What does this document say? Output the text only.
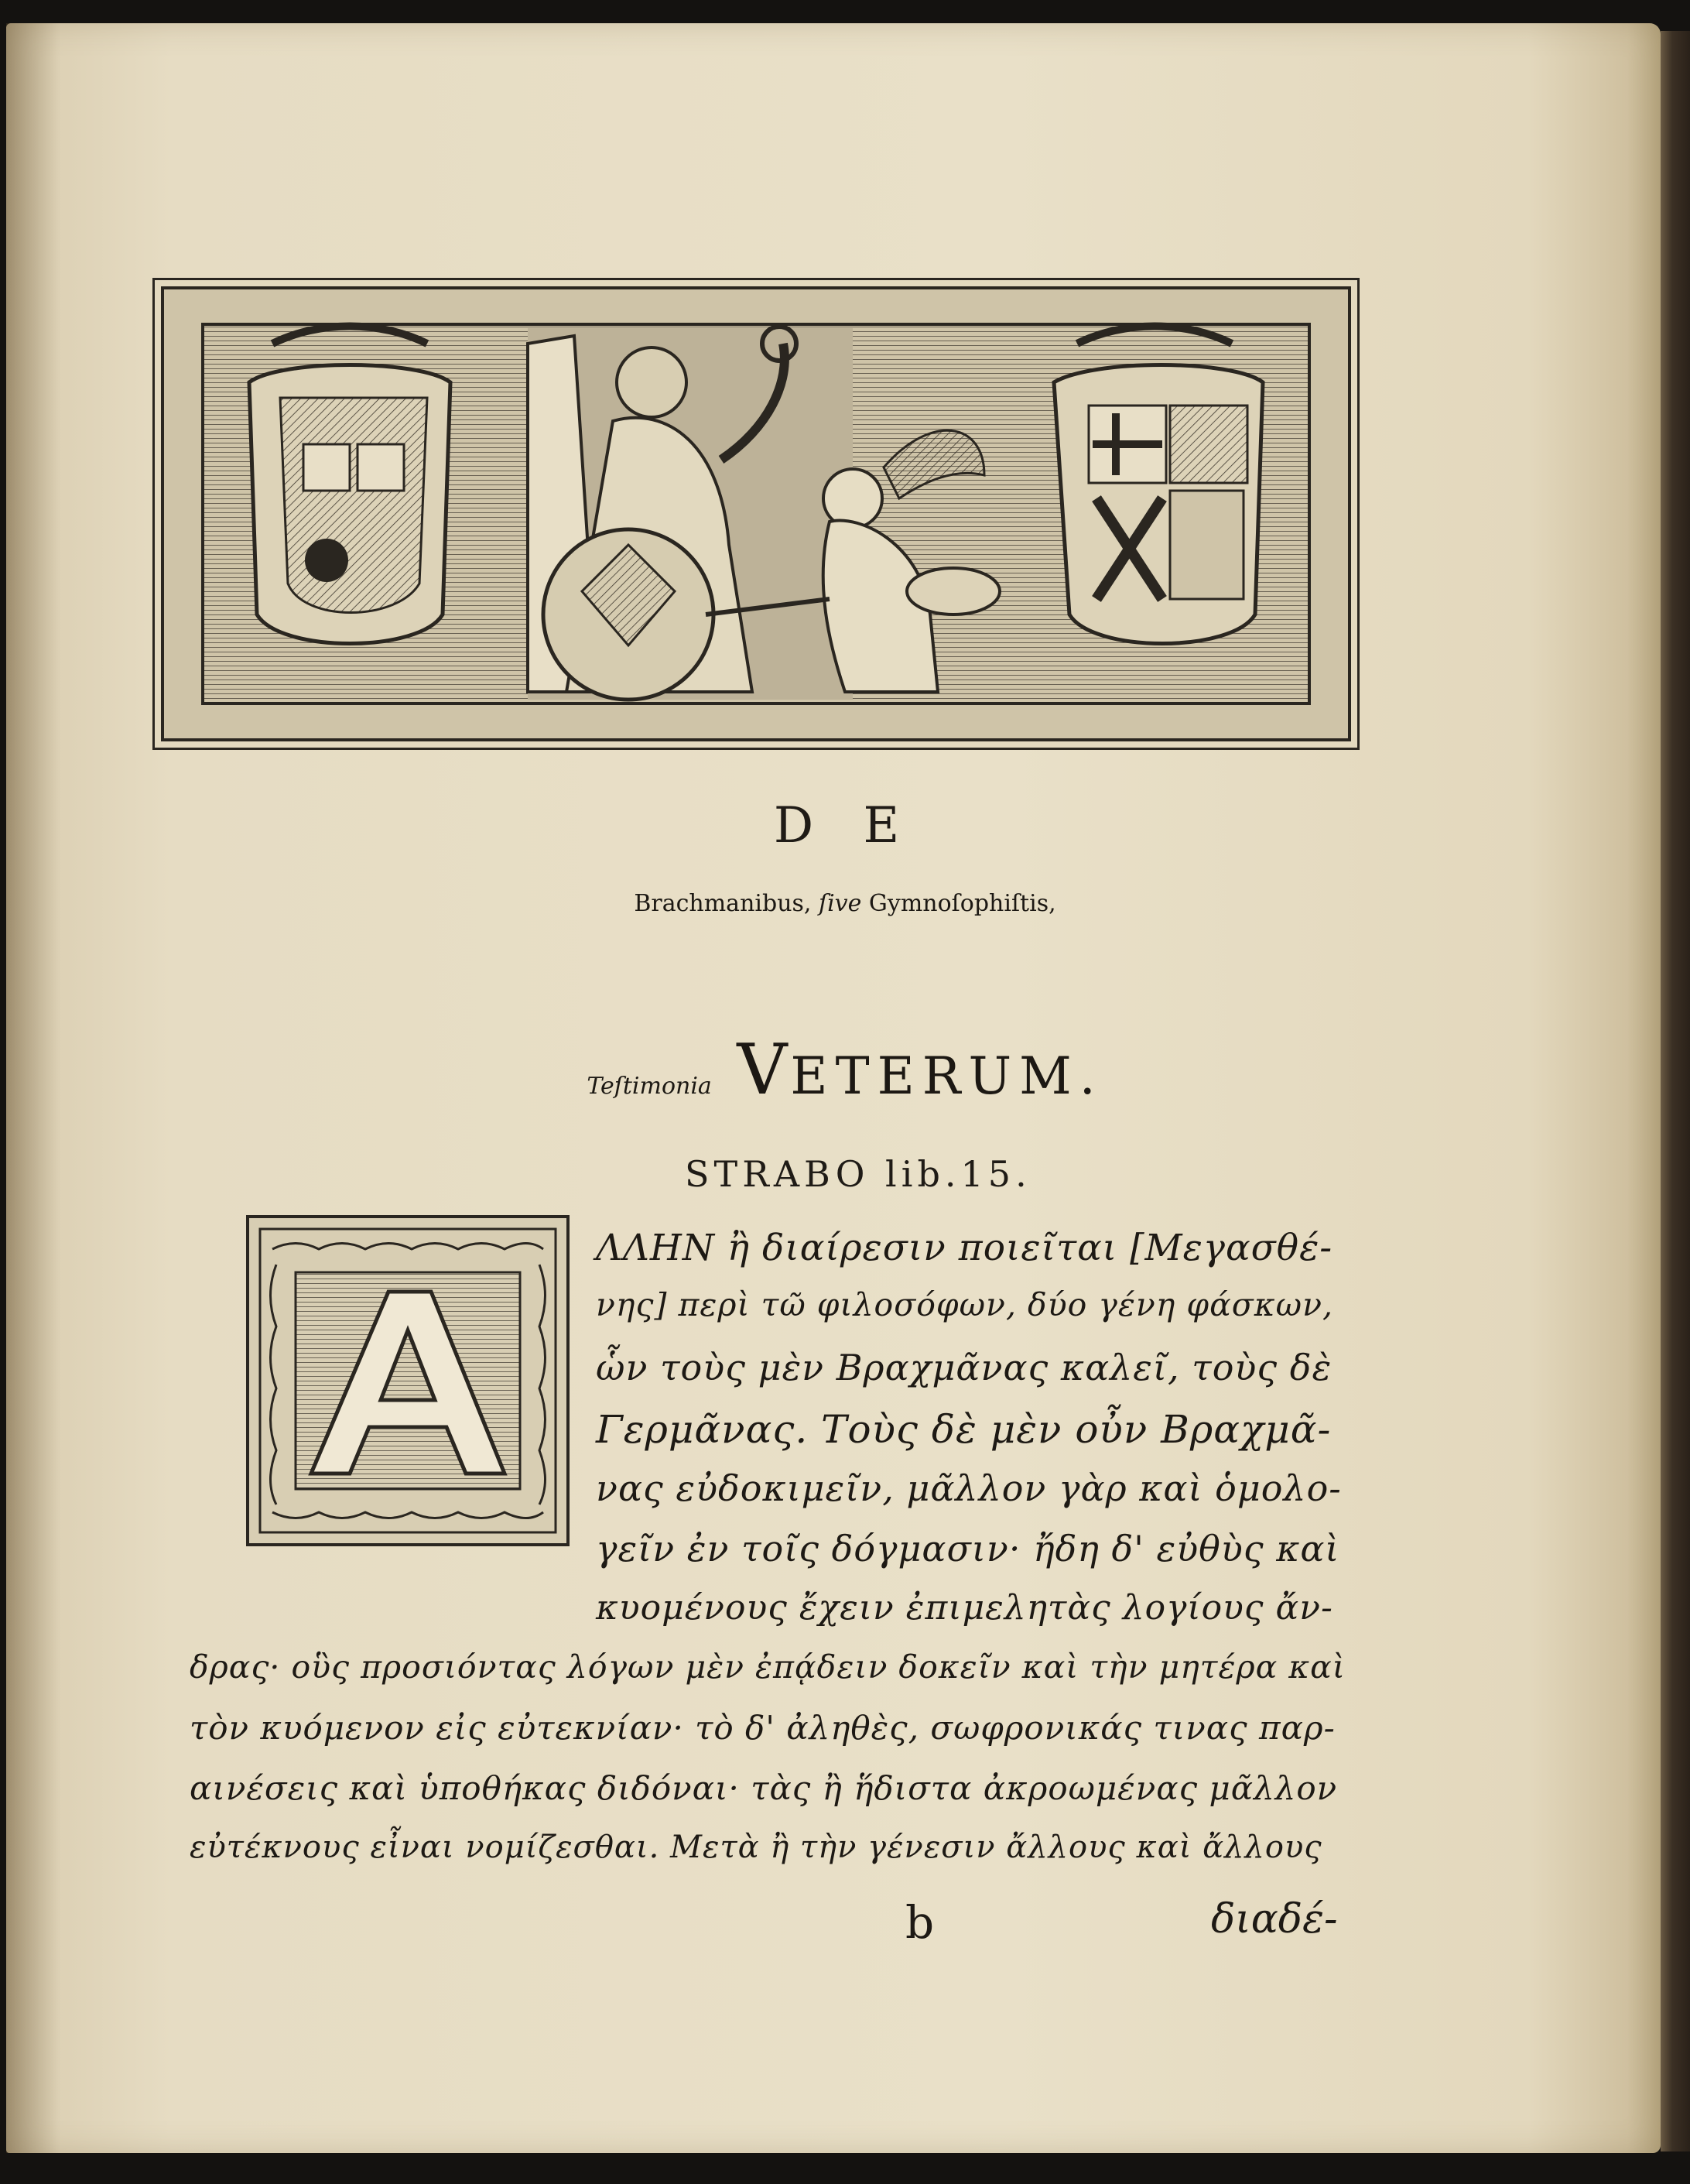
D E
Brachmanibus, ſive Gymnoſophiſtis,
Teſtimonia VETERUM.
STRABO lib.15.
ΛΛΗΝ ἢ διαίρεσιν ποιεῖται [Μεγασθέ-
νης] περὶ τῶ φιλοσόφων, δύο γένη φάσκων,
ὧν τοὺς μὲν Βραχμᾶνας καλεῖ, τοὺς δὲ
Γερμᾶνας. Τοὺς δὲ μὲν οὖν Βραχμᾶ-
νας εὐδοκιμεῖν, μᾶλλον γὰρ καὶ ὁμολο-
γεῖν ἐν τοῖς δόγμασιν· ἤδη δ' εὐθὺς καὶ
κυομένους ἔχειν ἐπιμελητὰς λογίους ἄν-
δρας· οὓς προσιόντας λόγων μὲν ἐπᾴδειν δοκεῖν καὶ τὴν μητέρα καὶ
τὸν κυόμενον εἰς εὐτεκνίαν· τὸ δ' ἀληθὲς, σωφρονικάς τινας παρ-
αινέσεις καὶ ὑποθήκας διδόναι· τὰς ἢ ἥδιστα ἀκροωμένας μᾶλλον
εὐτέκνους εἶναι νομίζεσθαι. Μετὰ ἢ τὴν γένεσιν ἄλλους καὶ ἄλλους
b	διαδέ-
